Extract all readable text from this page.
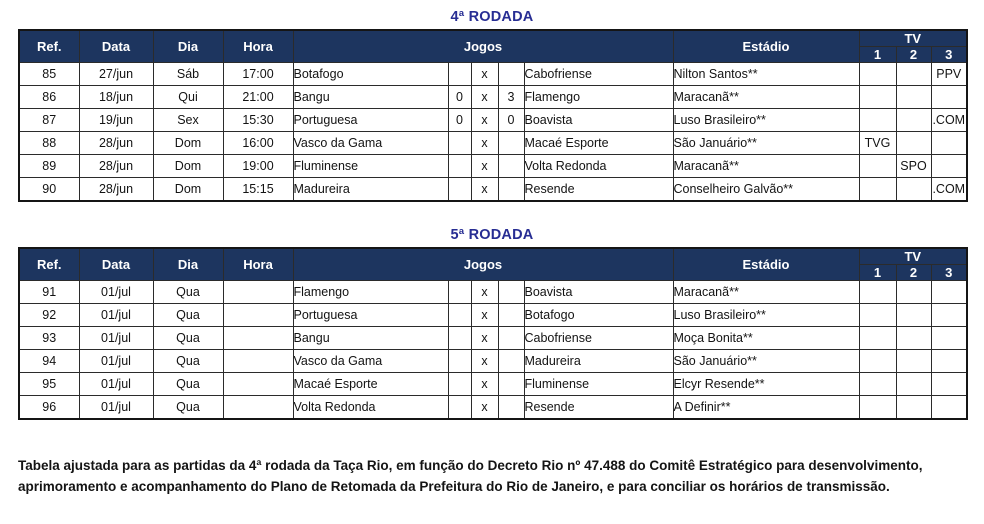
4ª RODADA
Ref.	Data	Dia	Hora	Jogos					Estádio	TV		
										1	2	3
85	27/jun	Sáb	17:00	Botafogo		x		Cabofriense	Nilton Santos**			PPV
86	18/jun	Qui	21:00	Bangu	0	x	3	Flamengo	Maracanã**			
87	19/jun	Sex	15:30	Portuguesa	0	x	0	Boavista	Luso Brasileiro**			.COM
88	28/jun	Dom	16:00	Vasco da Gama		x		Macaé Esporte	São Januário**	TVG		
89	28/jun	Dom	19:00	Fluminense		x		Volta Redonda	Maracanã**		SPO	
90	28/jun	Dom	15:15	Madureira		x		Resende	Conselheiro Galvão**			.COM
5ª RODADA
Ref.	Data	Dia	Hora	Jogos					Estádio	TV		
										1	2	3
91	01/jul	Qua		Flamengo		x		Boavista	Maracanã**			
92	01/jul	Qua		Portuguesa		x		Botafogo	Luso Brasileiro**			
93	01/jul	Qua		Bangu		x		Cabofriense	Moça Bonita**			
94	01/jul	Qua		Vasco da Gama		x		Madureira	São Januário**			
95	01/jul	Qua		Macaé Esporte		x		Fluminense	Elcyr Resende**			
96	01/jul	Qua		Volta Redonda		x		Resende	A Definir**			

Tabela ajustada para as partidas da 4ª rodada da Taça Rio, em função do Decreto Rio nº 47.488 do Comitê Estratégico para desenvolvimento, aprimoramento e acompanhamento do Plano de Retomada da Prefeitura do Rio de Janeiro, e para conciliar os horários de transmissão.
